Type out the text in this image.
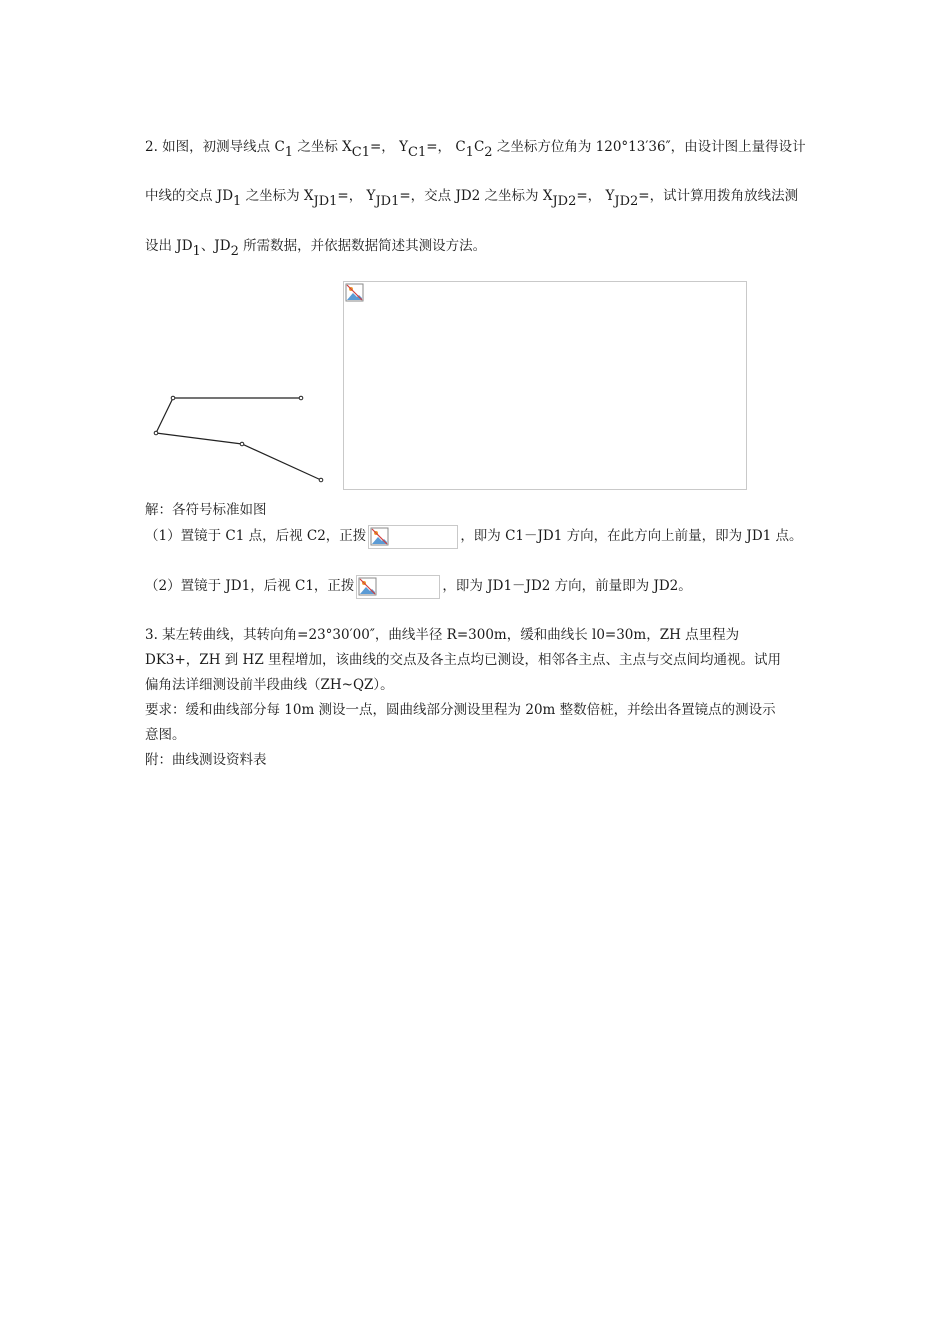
2. 如图，初测导线点 $C_1$ 之坐标 $X_{C1}=$， $Y_{C1}=$， $C_1C_2$ 之坐标方位角为 120°13′36″，由设计图上量得设计
中线的交点 $JD_1$ 之坐标为 $X_{JD1}=$， $Y_{JD1}=$，交点 JD2 之坐标为 $X_{JD2}=$， $Y_{JD2}=$，试计算用拨角放线法测
设出 $JD_1$、$JD_2$ 所需数据，并依据数据简述其测设方法。
解：各符号标准如图
（1）置镜于 C1 点，后视 C2，正拨	，即为 C1－JD1 方向，在此方向上前量，即为 JD1 点。
（2）置镜于 JD1，后视 C1，正拨	，即为 JD1－JD2 方向，前量即为 JD2。
3. 某左转曲线，其转向角=23°30′00″，曲线半径 R=300m，缓和曲线长 l0=30m，ZH 点里程为
DK3+，ZH 到 HZ 里程增加，该曲线的交点及各主点均已测设，相邻各主点、主点与交点间均通视。试用
偏角法详细测设前半段曲线（ZH~QZ）。
要求：缓和曲线部分每 10m 测设一点，圆曲线部分测设里程为 20m 整数倍桩，并绘出各置镜点的测设示
意图。
附：曲线测设资料表
